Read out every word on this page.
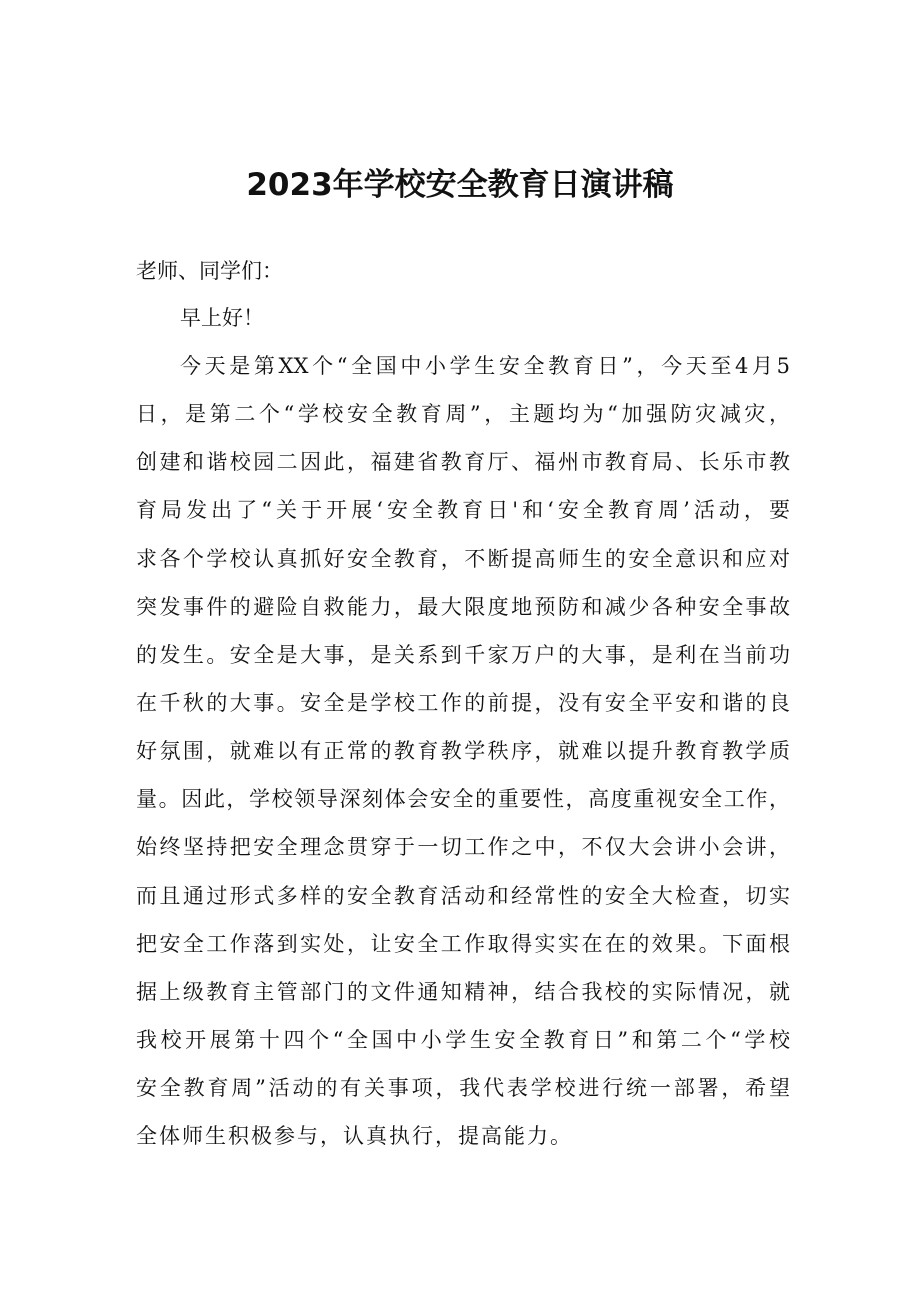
2023年学校安全教育日演讲稿
老师、同学们：
早上好！
今天是第XX个“全国中小学生安全教育日”，今天至4月5
日，是第二个“学校安全教育周”，主题均为“加强防灾减灾，
创建和谐校园二因此，福建省教育厅、福州市教育局、长乐市教
育局发出了“关于开展‘安全教育日'和‘安全教育周’活动，要
求各个学校认真抓好安全教育，不断提高师生的安全意识和应对
突发事件的避险自救能力，最大限度地预防和减少各种安全事故
的发生。安全是大事，是关系到千家万户的大事，是利在当前功
在千秋的大事。安全是学校工作的前提，没有安全平安和谐的良
好氛围，就难以有正常的教育教学秩序，就难以提升教育教学质
量。因此，学校领导深刻体会安全的重要性，高度重视安全工作，
始终坚持把安全理念贯穿于一切工作之中，不仅大会讲小会讲，
而且通过形式多样的安全教育活动和经常性的安全大检查，切实
把安全工作落到实处，让安全工作取得实实在在的效果。下面根
据上级教育主管部门的文件通知精神，结合我校的实际情况，就
我校开展第十四个“全国中小学生安全教育日”和第二个“学校
安全教育周”活动的有关事项，我代表学校进行统一部署，希望
全体师生积极参与，认真执行，提高能力。
